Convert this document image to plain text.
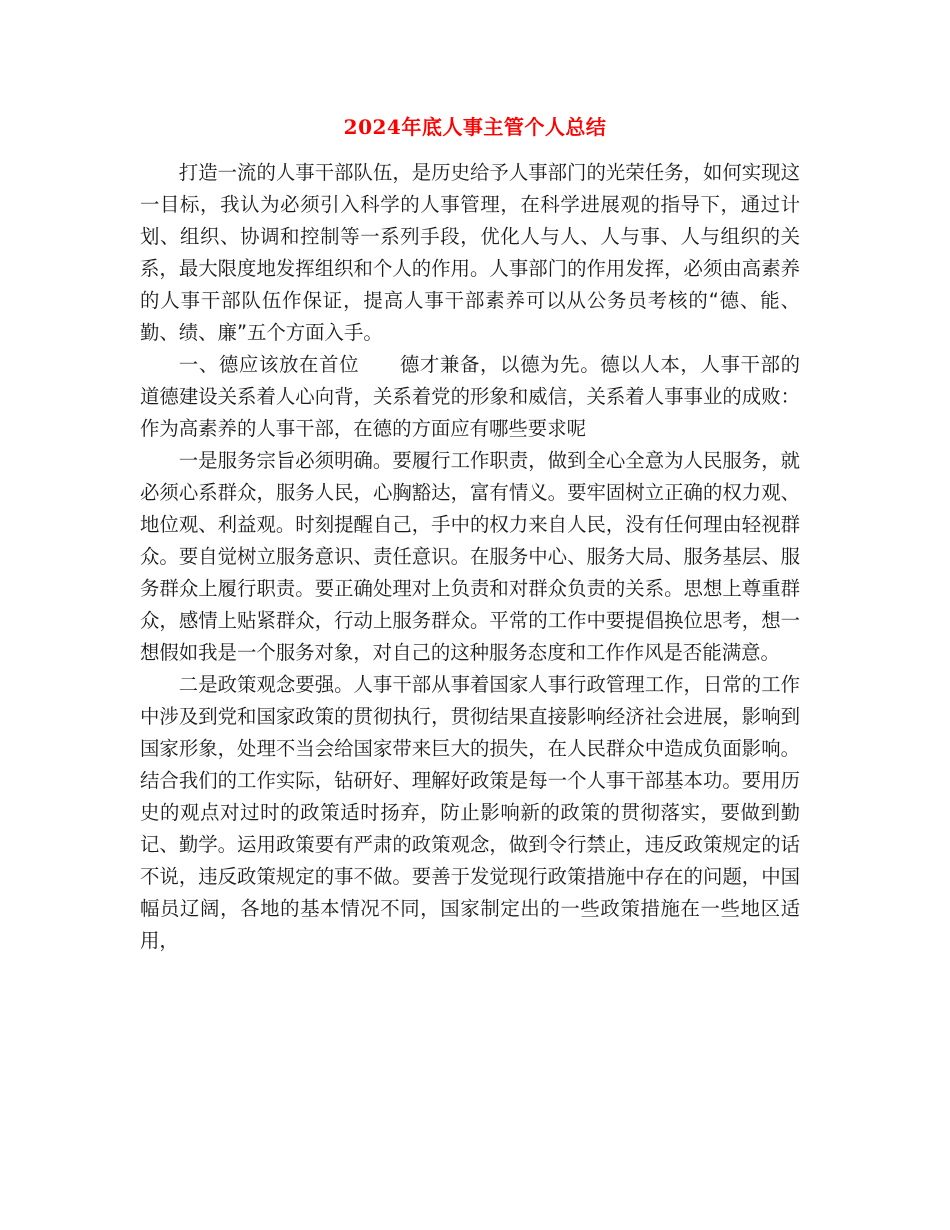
2024年底人事主管个人总结

打造一流的人事干部队伍，是历史给予人事部门的光荣任务，如何实现这一目标，我认为必须引入科学的人事管理，在科学进展观的指导下，通过计划、组织、协调和控制等一系列手段，优化人与人、人与事、人与组织的关系，最大限度地发挥组织和个人的作用。人事部门的作用发挥，必须由高素养的人事干部队伍作保证，提高人事干部素养可以从公务员考核的“德、能、勤、绩、廉”五个方面入手。

一、德应该放在首位 德才兼备，以德为先。德以人本，人事干部的道德建设关系着人心向背，关系着党的形象和威信，关系着人事事业的成败：作为高素养的人事干部，在德的方面应有哪些要求呢

一是服务宗旨必须明确。要履行工作职责，做到全心全意为人民服务，就必须心系群众，服务人民，心胸豁达，富有情义。要牢固树立正确的权力观、地位观、利益观。时刻提醒自己，手中的权力来自人民，没有任何理由轻视群众。要自觉树立服务意识、责任意识。在服务中心、服务大局、服务基层、服务群众上履行职责。要正确处理对上负责和对群众负责的关系。思想上尊重群众，感情上贴紧群众，行动上服务群众。平常的工作中要提倡换位思考，想一想假如我是一个服务对象，对自己的这种服务态度和工作作风是否能满意。

二是政策观念要强。人事干部从事着国家人事行政管理工作，日常的工作中涉及到党和国家政策的贯彻执行，贯彻结果直接影响经济社会进展，影响到国家形象，处理不当会给国家带来巨大的损失，在人民群众中造成负面影响。结合我们的工作实际，钻研好、理解好政策是每一个人事干部基本功。要用历史的观点对过时的政策适时扬弃，防止影响新的政策的贯彻落实，要做到勤记、勤学。运用政策要有严肃的政策观念，做到令行禁止，违反政策规定的话不说，违反政策规定的事不做。要善于发觉现行政策措施中存在的问题，中国幅员辽阔，各地的基本情况不同，国家制定出的一些政策措施在一些地区适用，
